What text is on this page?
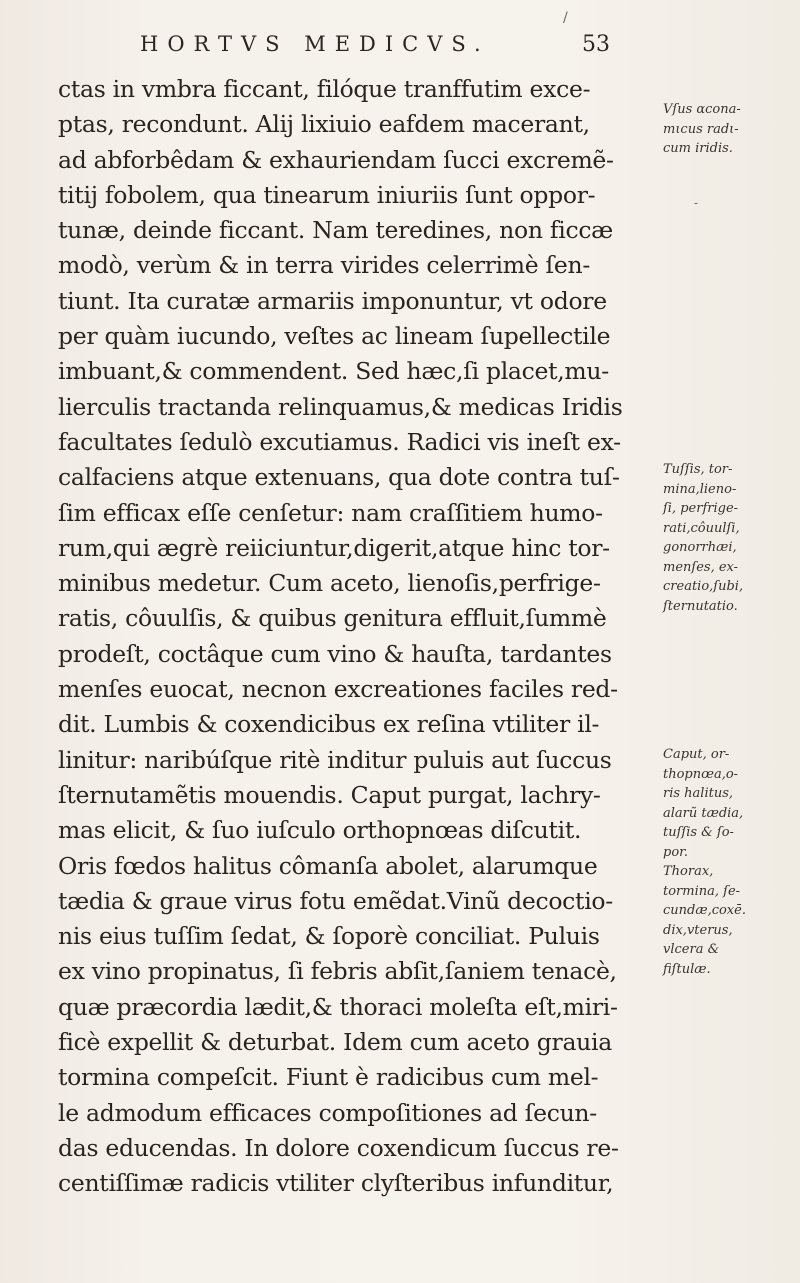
/
HORTVS MEDICVS.	53
ctas in vmbra ficcant, filóque tranffutim exce-
ptas, recondunt. Alij lixiuio eafdem macerant,
ad abforbêdam & exhauriendam ſucci excremẽ-
titij fobolem, qua tinearum iniuriis ſunt oppor-
tunæ, deinde ficcant. Nam teredines, non ficcæ
modò, verùm & in terra virides celerrimè ſen-
tiunt. Ita curatæ armariis imponuntur, vt odore
per quàm iucundo, veſtes ac lineam ſupellectile
imbuant,& commendent. Sed hæc,ſi placet,mu-
lierculis tractanda relinquamus,& medicas Iridis
facultates ſedulò excutiamus. Radici vis ineſt ex-
calfaciens atque extenuans, qua dote contra tuſ-
ſim efficax eſſe cenſetur: nam craſſitiem humo-
rum,qui ægrè reiiciuntur,digerit,atque hinc tor-
minibus medetur. Cum aceto, lienoſis,perfrige-
ratis, côuulſis, & quibus genitura effluit,ſummè
prodeſt, coctâque cum vino & hauſta, tardantes
menſes euocat, necnon excreationes faciles red-
dit. Lumbis & coxendicibus ex reſina vtiliter il-
linitur: naribúſque ritè inditur puluis aut ſuccus
ſternutamẽtis mouendis. Caput purgat, lachry-
mas elicit, & ſuo iuſculo orthopnœas diſcutit.
Oris fœdos halitus cômanſa abolet, alarumque
tædia & graue virus fotu emẽdat.Vinũ decoctio-
nis eius tuſſim ſedat, & ſoporè conciliat. Puluis
ex vino propinatus, ſi febris abſit,ſaniem tenacè,
quæ præcordia lædit,& thoraci moleſta eſt,miri-
ficè expellit & deturbat. Idem cum aceto grauia
tormina compeſcit. Fiunt è radicibus cum mel-
le admodum efficaces compoſitiones ad ſecun-
das educendas. In dolore coxendicum ſuccus re-
centiſſimæ radicis vtiliter clyſteribus infunditur,
-
Vſus αcona-
mιcus radι-
cum iridis.
Tuſſis, tor-
mina,lieno-
ſi, perfrige-
rati,côuulſi,
gonorrhæi,
menſes, ex-
creatio,ſubi,
ſternutatio.
Caput, or-
thopnœa,o-
ris halitus,
alarũ tædia,
tuſſis & ſo-
por.
Thorax,
tormina, ſe-
cundæ,coxē.
dix,vterus,
vlcera &
fiſtulæ.
